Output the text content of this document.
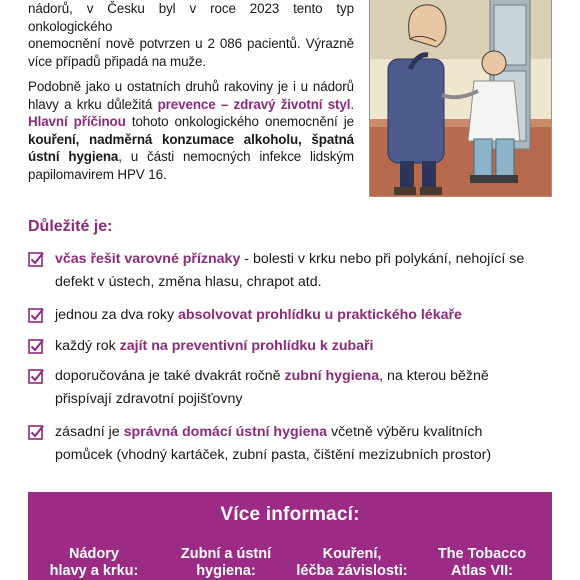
nádorů, v Česku byl v roce 2023 tento typ onkologického
onemocnění nově potvrzen u 2 086 pacientů. Výrazně
více případů připadá na muže.
Podobně jako u ostatních druhů rakoviny je i u nádorů hlavy a krku důležitá prevence – zdravý životní styl. Hlavní příčinou tohoto onkologického onemocnění je kouření, nadměrná konzumace alkoholu, špatná ústní hygiena, u části nemocných infekce lidským papilomavirem HPV 16.
Důležité je:
včas řešit varovné příznaky - bolesti v krku nebo při polykání, nehojící se defekt v ústech, změna hlasu, chrapot atd.
jednou za dva roky absolvovat prohlídku u praktického lékaře
každý rok zajít na preventivní prohlídku k zubaři
doporučována je také dvakrát ročně zubní hygiena, na kterou běžně přispívají zdravotní pojišťovny
zásadní je správná domácí ústní hygiena včetně výběru kvalitních pomůcek (vhodný kartáček, zubní pasta, čištění mezizubních prostor)
Více informací:
Nádory
hlavy a krku:
Zubní a ústní
hygiena:
Kouření,
léčba závislosti:
The Tobacco
Atlas VII:
